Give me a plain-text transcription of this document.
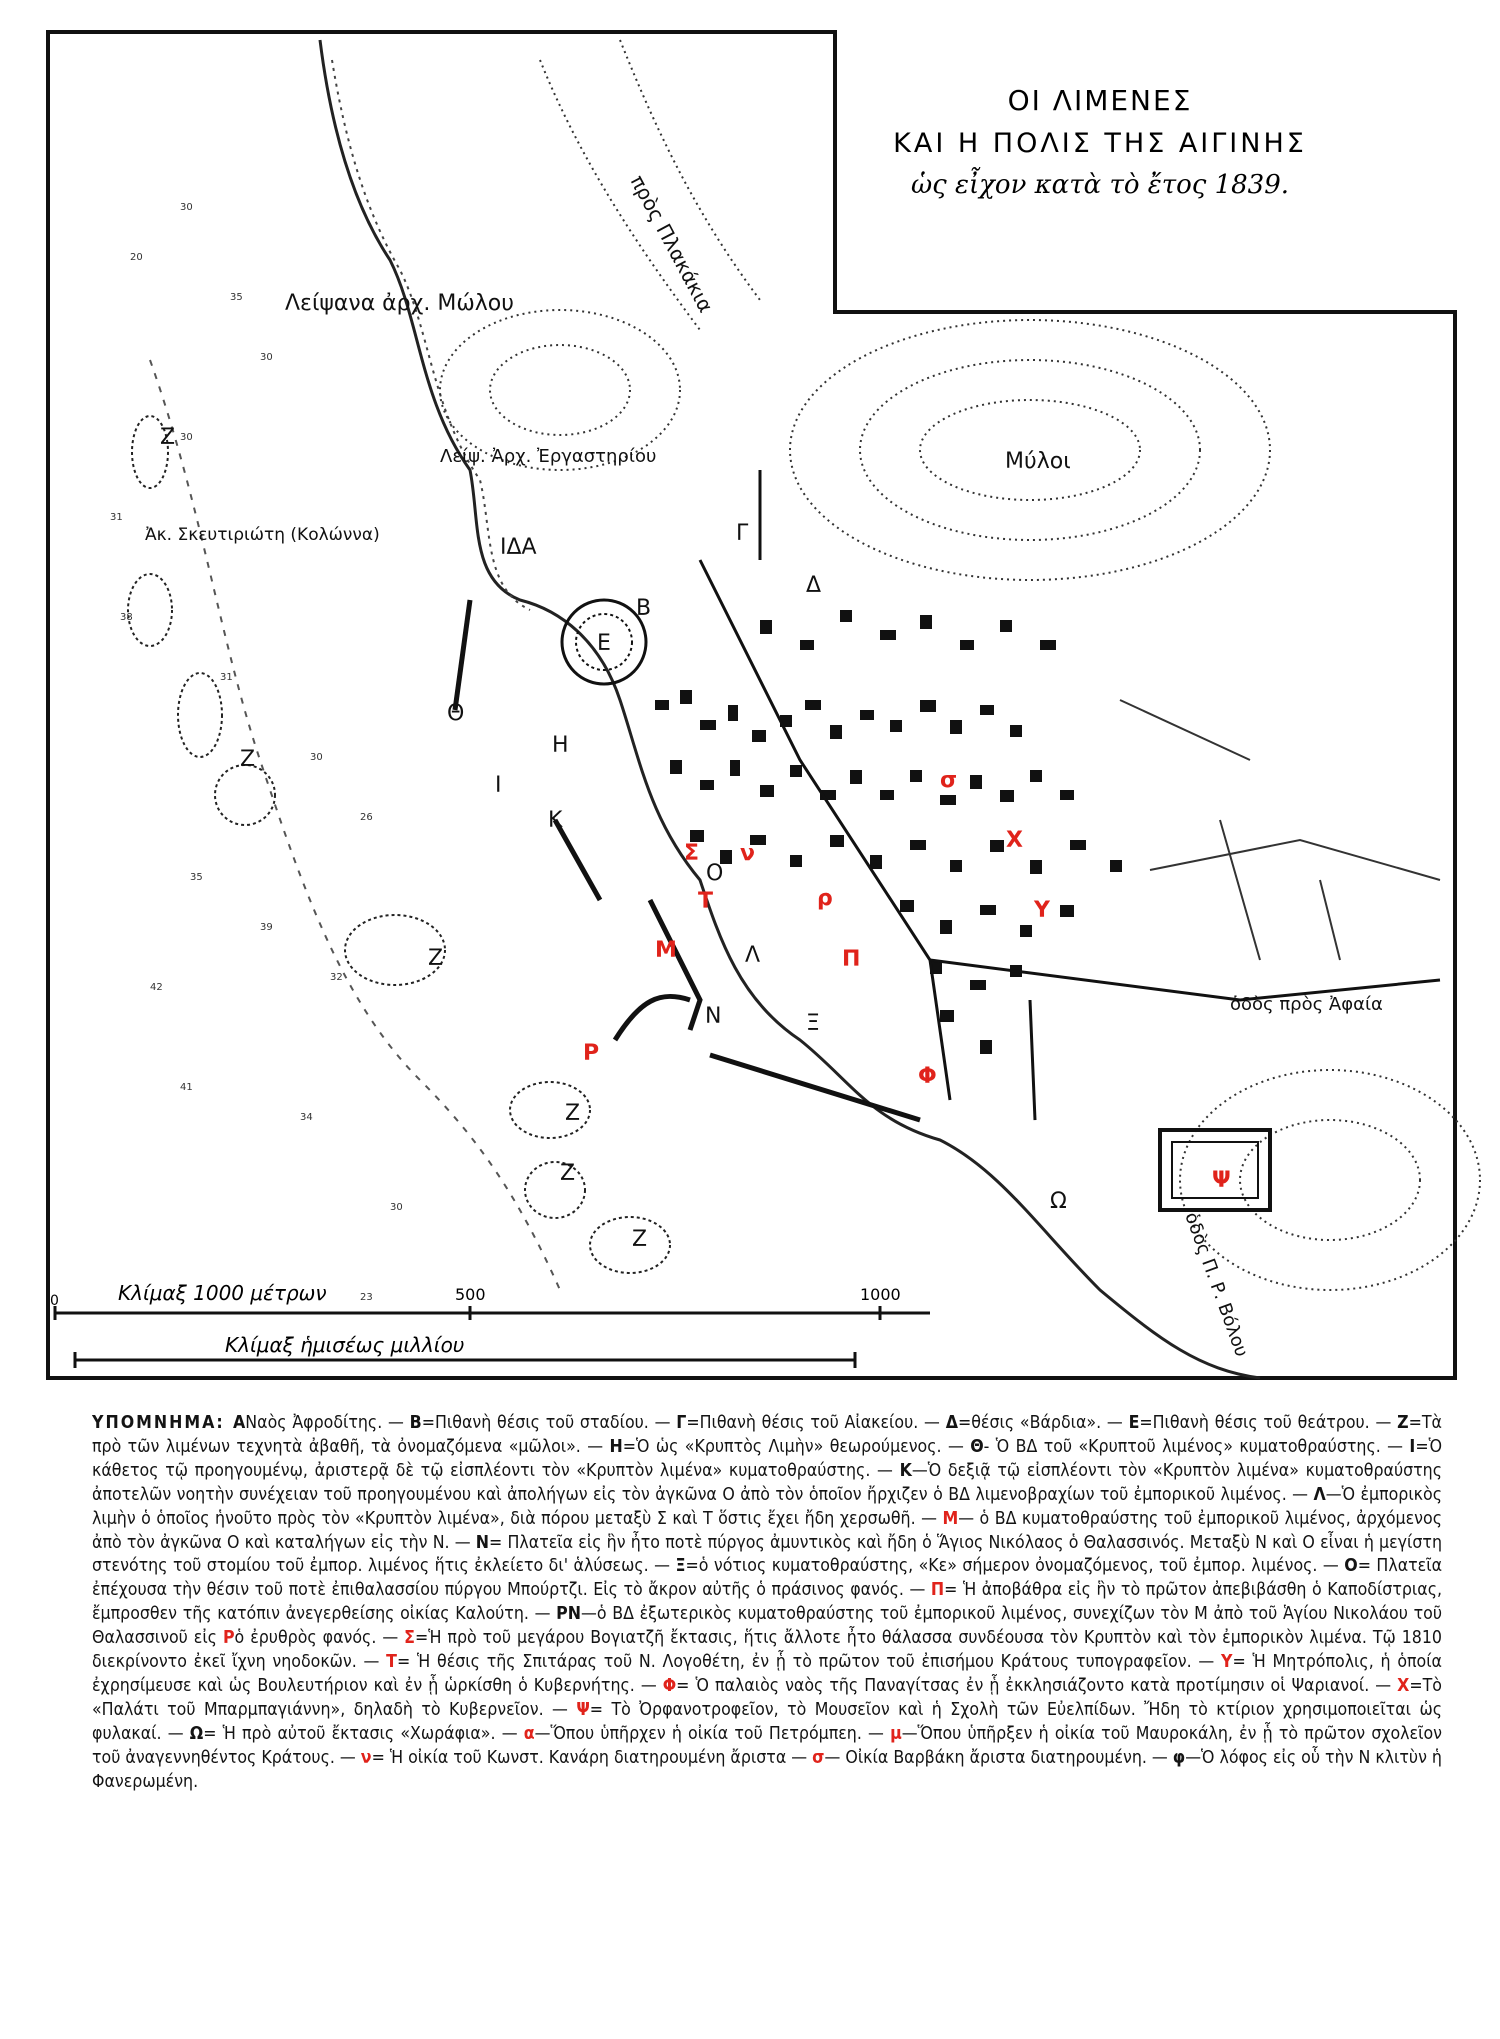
30
20
35
30
30
31
38
31
30
26
35
39
32
42
41
34
30
23
ΟΙ ΛΙΜΕΝΕΣ
ΚΑΙ Η ΠΟΛΙΣ ΤΗΣ ΑΙΓΙΝΗΣ
ὡς εἶχον κατὰ τὸ ἔτος 1839.
πρὸς Πλακάκια
Λείψανα ἀρχ. Μώλου
Λείψ. Ἀρχ. Ἐργαστηρίου
Ἀκ. Σκευτιριώτη (Κολώννα)
Μύλοι
ὁδὸς πρὸς Ἀφαία
ὁδὸς Π. Ρ. Βόλου
ΙΔΑ
Β
Γ
Δ
Ε
Ζ
Ζ
Ζ
Ζ
Ζ
Ζ
Η
Θ
Ι
Κ
Λ
Ν
Ο
Ω
Ξ
Σ ν
Τ	ρ
Π
Μ
Ρ
Φ
Υ
Χ
σ
Ψ
Κλίμαξ 1000 μέτρων
0	500	1000
Κλίμαξ ἡμισέως μιλλίου
ΥΠΟΜΝΗΜΑ: ΑΝαὸς Ἀφροδίτης. — Β=Πιθανὴ θέσις τοῦ σταδίου. — Γ=Πιθανὴ θέσις τοῦ Αἰακείου. — Δ=θέσις «Βάρδια». — Ε=Πιθανὴ θέσις τοῦ θεάτρου. — Ζ=Τὰ πρὸ τῶν λιμένων τεχνητὰ ἀβαθῆ, τὰ ὀνομαζόμενα «μῶλοι». — Η=Ὁ ὡς «Κρυπτὸς Λιμὴν» θεωρούμενος. — Θ- Ὁ ΒΔ τοῦ «Κρυπτοῦ λιμένος» κυματοθραύστης. — Ι=Ὁ κάθετος τῷ προηγουμένῳ, ἀριστερᾷ δὲ τῷ εἰσπλέοντι τὸν «Κρυπτὸν λιμένα» κυματοθραύστης. — Κ—Ὁ δεξιᾷ τῷ εἰσπλέοντι τὸν «Κρυπτὸν λιμένα» κυματοθραύστης ἀποτελῶν νοητὴν συνέχειαν τοῦ προηγουμένου καὶ ἀπολήγων εἰς τὸν ἀγκῶνα Ο ἀπὸ τὸν ὁποῖον ἤρχιζεν ὁ ΒΔ λιμενοβραχίων τοῦ ἐμπορικοῦ λιμένος. — Λ—Ὁ ἐμπορικὸς λιμὴν ὁ ὁποῖος ἡνοῦτο πρὸς τὸν «Κρυπτὸν λιμένα», διὰ πόρου μεταξὺ Σ καὶ Τ ὅστις ἔχει ἤδη χερσωθῆ. — Μ— ὁ ΒΔ κυματοθραύστης τοῦ ἐμπορικοῦ λιμένος, ἀρχόμενος ἀπὸ τὸν ἀγκῶνα Ο καὶ καταλήγων εἰς τὴν Ν. — Ν= Πλατεῖα εἰς ἣν ἦτο ποτὲ πύργος ἀμυντικὸς καὶ ἤδη ὁ Ἅγιος Νικόλαος ὁ Θαλασσινός. Μεταξὺ Ν καὶ Ο εἶναι ἡ μεγίστη στενότης τοῦ στομίου τοῦ ἐμπορ. λιμένος ἥτις ἐκλείετο δι' ἁλύσεως. — Ξ=ὁ νότιος κυματοθραύστης, «Κε» σήμερον ὀνομαζόμενος, τοῦ ἐμπορ. λιμένος. — Ο= Πλατεῖα ἐπέχουσα τὴν θέσιν τοῦ ποτὲ ἐπιθαλασσίου πύργου Μπούρτζι. Εἰς τὸ ἄκρον αὐτῆς ὁ πράσινος φανός. — Π= Ἡ ἀποβάθρα εἰς ἣν τὸ πρῶτον ἀπεβιβάσθη ὁ Καποδίστριας, ἔμπροσθεν τῆς κατόπιν ἀνεγερθείσης οἰκίας Καλούτη. — ΡΝ—ὁ ΒΔ ἐξωτερικὸς κυματοθραύστης τοῦ ἐμπορικοῦ λιμένος, συνεχίζων τὸν Μ ἀπὸ τοῦ Ἁγίου Νικολάου τοῦ Θαλασσινοῦ εἰς Ρὁ ἐρυθρὸς φανός. — Σ=Ἡ πρὸ τοῦ μεγάρου Βογιατζῆ ἔκτασις, ἥτις ἄλλοτε ἦτο θάλασσα συνδέουσα τὸν Κρυπτὸν καὶ τὸν ἐμπορικὸν λιμένα. Τῷ 1810 διεκρίνοντο ἐκεῖ ἴχνη νηοδοκῶν. — Τ= Ἡ θέσις τῆς Σπιτάρας τοῦ Ν. Λογοθέτη, ἐν ᾗ τὸ πρῶτον τοῦ ἐπισήμου Κράτους τυπογραφεῖον. — Υ= Ἡ Μητρόπολις, ἡ ὁποία ἐχρησίμευσε καὶ ὡς Βουλευτήριον καὶ ἐν ᾗ ὡρκίσθη ὁ Κυβερνήτης. — Φ= Ὁ παλαιὸς ναὸς τῆς Παναγίτσας ἐν ᾗ ἐκκλησιάζοντο κατὰ προτίμησιν οἱ Ψαριανοί. — Χ=Τὸ «Παλάτι τοῦ Μπαρμπαγιάννη», δηλαδὴ τὸ Κυβερνεῖον. — Ψ= Τὸ Ὀρφανοτροφεῖον, τὸ Μουσεῖον καὶ ἡ Σχολὴ τῶν Εὐελπίδων. Ἤδη τὸ κτίριον χρησιμοποιεῖται ὡς φυλακαί. — Ω= Ἡ πρὸ αὐτοῦ ἔκτασις «Χωράφια». — α—Ὅπου ὑπῆρχεν ἡ οἰκία τοῦ Πετρόμπεη. — μ—Ὅπου ὑπῆρξεν ἡ οἰκία τοῦ Μαυροκάλη, ἐν ᾗ τὸ πρῶτον σχολεῖον τοῦ ἀναγεννηθέντος Κράτους. — ν= Ἡ οἰκία τοῦ Κωνστ. Κανάρη διατηρουμένη ἄριστα — σ— Οἰκία Βαρβάκη ἄριστα διατηρουμένη. — φ—Ὁ λόφος εἰς οὗ τὴν Ν κλιτὺν ἡ Φανερωμένη.
